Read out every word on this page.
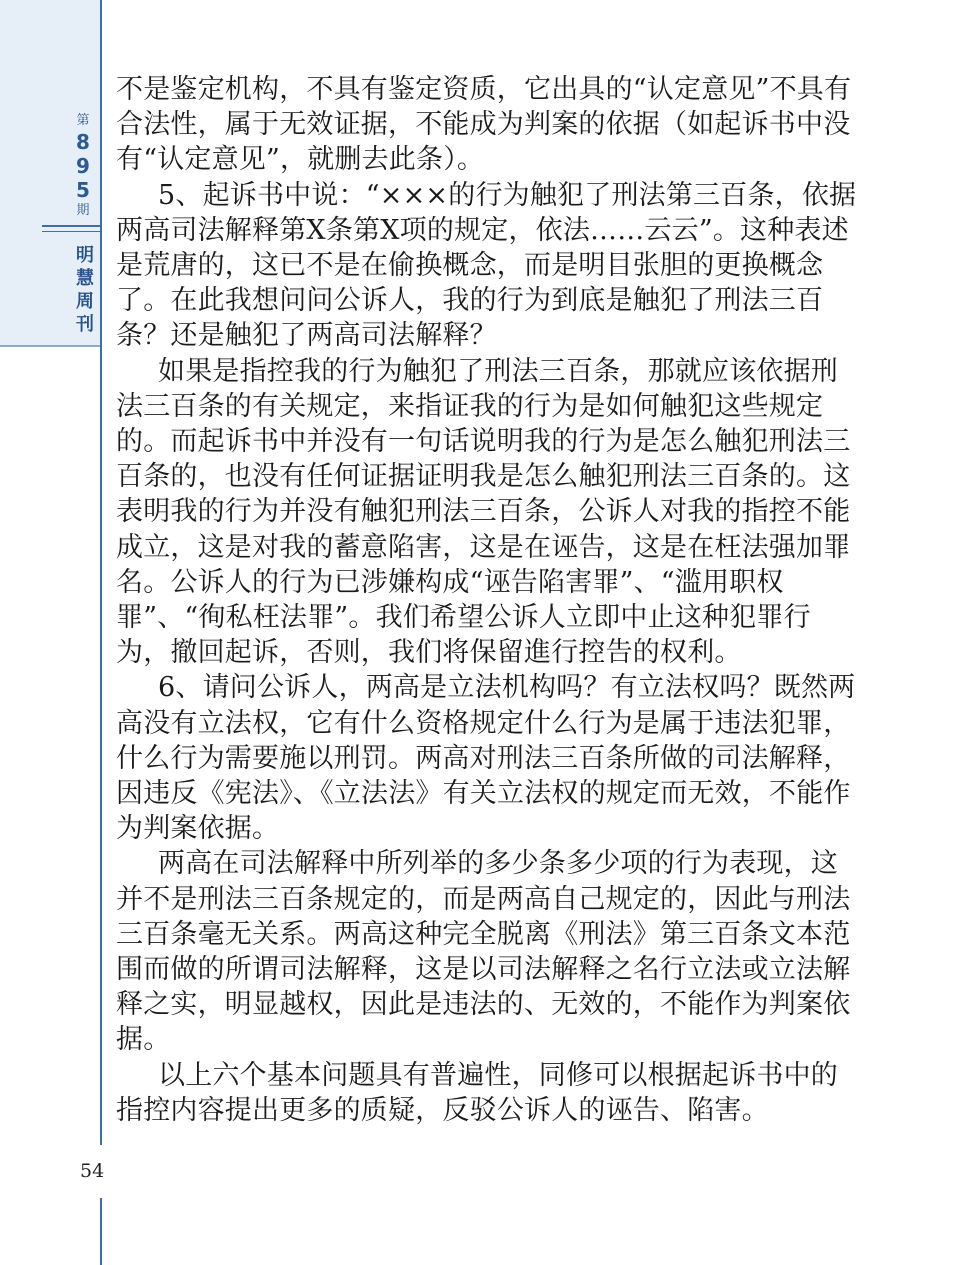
第
8
9
5
期
明
慧
周
刊

不是鉴定机构，不具有鉴定资质，它出具的“认定意见”不具有合法性，属于无效证据，不能成为判案的依据（如起诉书中没有“认定意见”，就删去此条）。

5、起诉书中说：“×××的行为触犯了刑法第三百条，依据两高司法解释第X条第X项的规定，依法……云云”。这种表述是荒唐的，这已不是在偷换概念，而是明目张胆的更换概念了。在此我想问问公诉人，我的行为到底是触犯了刑法三百条？还是触犯了两高司法解释？

如果是指控我的行为触犯了刑法三百条，那就应该依据刑法三百条的有关规定，来指证我的行为是如何触犯这些规定的。而起诉书中并没有一句话说明我的行为是怎么触犯刑法三百条的，也没有任何证据证明我是怎么触犯刑法三百条的。这表明我的行为并没有触犯刑法三百条，公诉人对我的指控不能成立，这是对我的蓄意陷害，这是在诬告，这是在枉法强加罪名。公诉人的行为已涉嫌构成“诬告陷害罪”、“滥用职权罪”、“徇私枉法罪”。我们希望公诉人立即中止这种犯罪行为，撤回起诉，否则，我们将保留進行控告的权利。

6、请问公诉人，两高是立法机构吗？有立法权吗？既然两高没有立法权，它有什么资格规定什么行为是属于违法犯罪，什么行为需要施以刑罚。两高对刑法三百条所做的司法解释，因违反《宪法》、《立法法》有关立法权的规定而无效，不能作为判案依据。

两高在司法解释中所列举的多少条多少项的行为表现，这并不是刑法三百条规定的，而是两高自己规定的，因此与刑法三百条毫无关系。两高这种完全脱离《刑法》第三百条文本范围而做的所谓司法解释，这是以司法解释之名行立法或立法解释之实，明显越权，因此是违法的、无效的，不能作为判案依据。

以上六个基本问题具有普遍性，同修可以根据起诉书中的指控内容提出更多的质疑，反驳公诉人的诬告、陷害。

54
